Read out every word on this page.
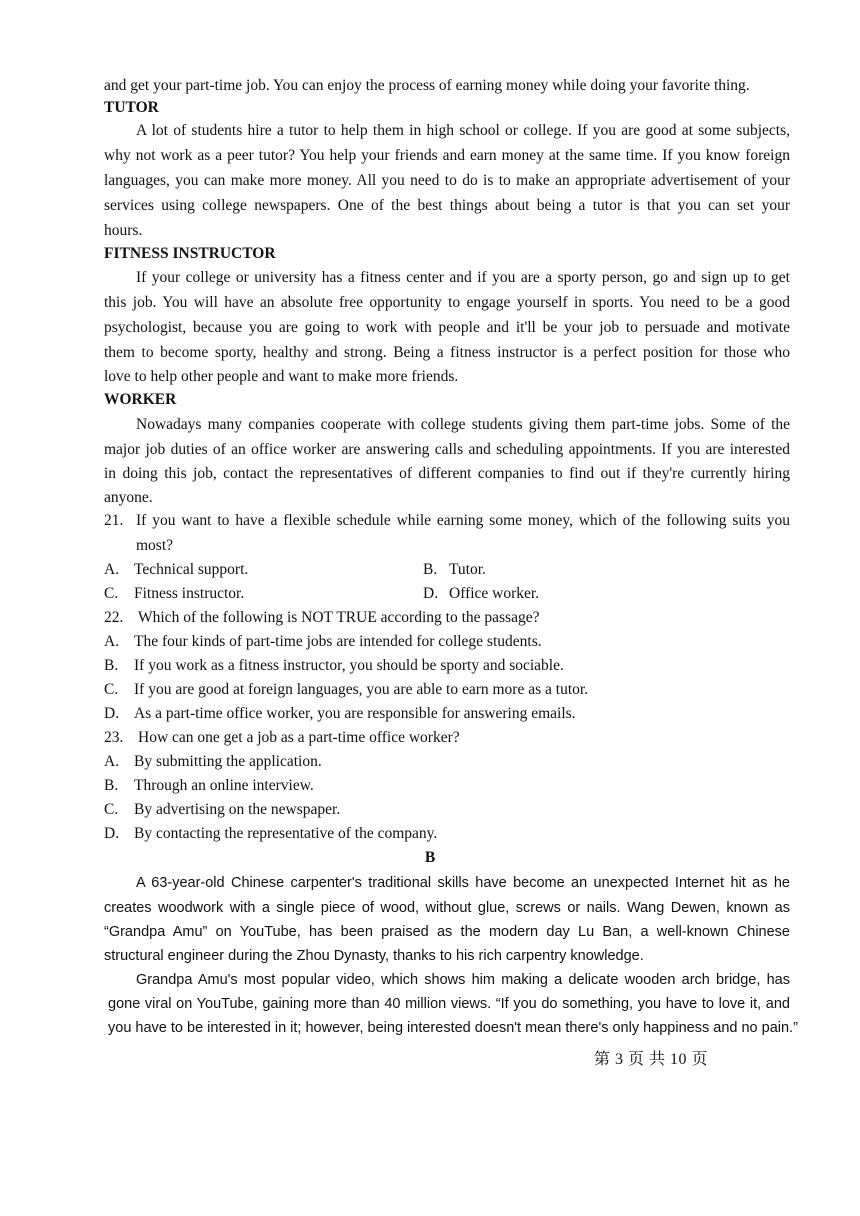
and get your part-time job. You can enjoy the process of earning money while doing your favorite thing.
TUTOR
A lot of students hire a tutor to help them in high school or college. If you are good at some subjects,
why not work as a peer tutor? You help your friends and earn money at the same time. If you know foreign
languages, you can make more money. All you need to do is to make an appropriate advertisement of your
services using college newspapers. One of the best things about being a tutor is that you can set your
hours.
FITNESS INSTRUCTOR
If your college or university has a fitness center and if you are a sporty person, go and sign up to get
this job. You will have an absolute free opportunity to engage yourself in sports. You need to be a good
psychologist, because you are going to work with people and it'll be your job to persuade and motivate
them to become sporty, healthy and strong. Being a fitness instructor is a perfect position for those who
love to help other people and want to make more friends.
WORKER
Nowadays many companies cooperate with college students giving them part-time jobs. Some of the
major job duties of an office worker are answering calls and scheduling appointments. If you are interested
in doing this job, contact the representatives of different companies to find out if they're currently hiring
anyone.
21. If you want to have a flexible schedule while earning some money, which of the following suits you
most?
A. Technical support.	B. Tutor.
C. Fitness instructor.	D. Office worker.
22. Which of the following is NOT TRUE according to the passage?
A. The four kinds of part-time jobs are intended for college students.
B. If you work as a fitness instructor, you should be sporty and sociable.
C. If you are good at foreign languages, you are able to earn more as a tutor.
D. As a part-time office worker, you are responsible for answering emails.
23. How can one get a job as a part-time office worker?
A. By submitting the application.
B. Through an online interview.
C. By advertising on the newspaper.
D. By contacting the representative of the company.
B
A 63-year-old Chinese carpenter's traditional skills have become an unexpected Internet hit as he
creates woodwork with a single piece of wood, without glue, screws or nails. Wang Dewen, known as
“Grandpa Amu” on YouTube, has been praised as the modern day Lu Ban, a well-known Chinese
structural engineer during the Zhou Dynasty, thanks to his rich carpentry knowledge.
Grandpa Amu's most popular video, which shows him making a delicate wooden arch bridge, has
gone viral on YouTube, gaining more than 40 million views. “If you do something, you have to love it, and
you have to be interested in it; however, being interested doesn't mean there's only happiness and no pain.”
第 3 页 共 10 页
